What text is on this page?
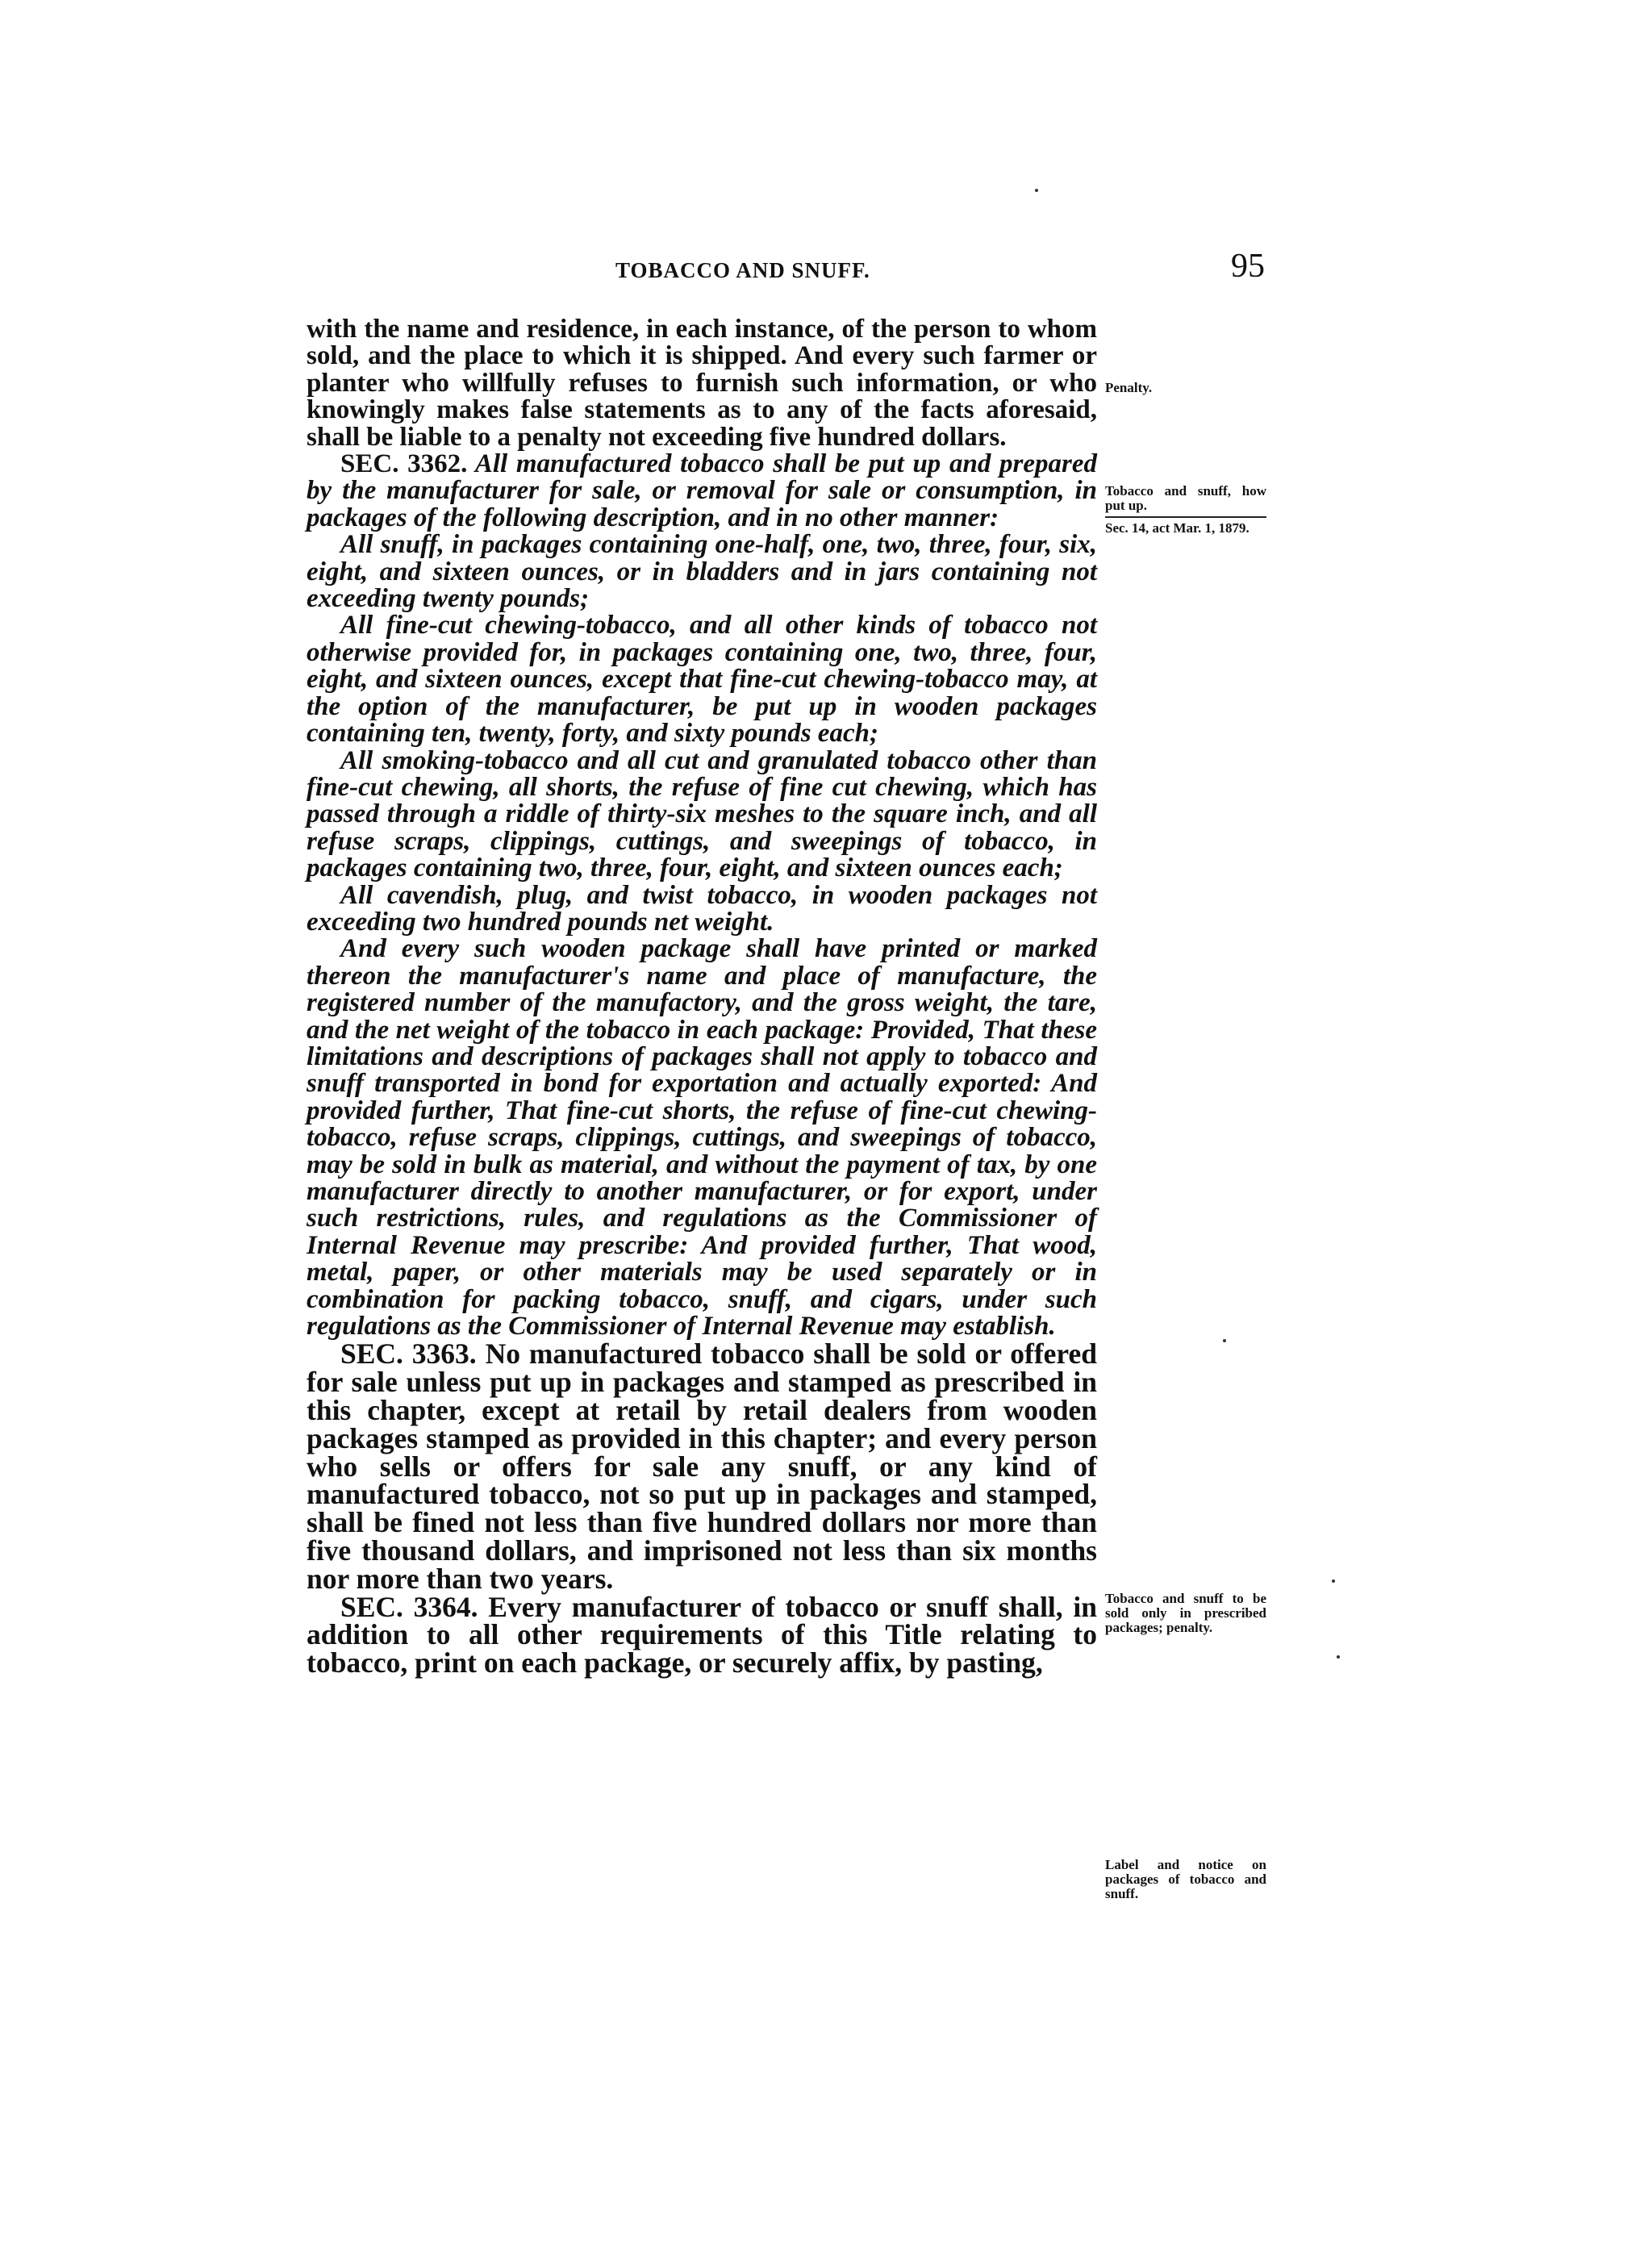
TOBACCO AND SNUFF.	95

with the name and residence, in each instance, of the person to whom sold, and the place to which it is shipped. And every such farmer or planter who willfully refuses to furnish such information, or who knowingly makes false statements as to any of the facts aforesaid, shall be liable to a penalty not exceeding five hundred dollars.

SEC. 3362. All manufactured tobacco shall be put up and prepared by the manufacturer for sale, or removal for sale or consumption, in packages of the following description, and in no other manner:

All snuff, in packages containing one-half, one, two, three, four, six, eight, and sixteen ounces, or in bladders and in jars containing not exceeding twenty pounds;

All fine-cut chewing-tobacco, and all other kinds of tobacco not otherwise provided for, in packages containing one, two, three, four, eight, and sixteen ounces, except that fine-cut chewing-tobacco may, at the option of the manufacturer, be put up in wooden packages containing ten, twenty, forty, and sixty pounds each;

All smoking-tobacco and all cut and granulated tobacco other than fine-cut chewing, all shorts, the refuse of fine cut chewing, which has passed through a riddle of thirty-six meshes to the square inch, and all refuse scraps, clippings, cuttings, and sweepings of tobacco, in packages containing two, three, four, eight, and sixteen ounces each;

All cavendish, plug, and twist tobacco, in wooden packages not exceeding two hundred pounds net weight.

And every such wooden package shall have printed or marked thereon the manufacturer's name and place of manufacture, the registered number of the manufactory, and the gross weight, the tare, and the net weight of the tobacco in each package: Provided, That these limitations and descriptions of packages shall not apply to tobacco and snuff transported in bond for exportation and actually exported: And provided further, That fine-cut shorts, the refuse of fine-cut chewing-tobacco, refuse scraps, clippings, cuttings, and sweepings of tobacco, may be sold in bulk as material, and without the payment of tax, by one manufacturer directly to another manufacturer, or for export, under such restrictions, rules, and regulations as the Commissioner of Internal Revenue may prescribe: And provided further, That wood, metal, paper, or other materials may be used separately or in combination for packing tobacco, snuff, and cigars, under such regulations as the Commissioner of Internal Revenue may establish.

SEC. 3363. No manufactured tobacco shall be sold or offered for sale unless put up in packages and stamped as prescribed in this chapter, except at retail by retail dealers from wooden packages stamped as provided in this chapter; and every person who sells or offers for sale any snuff, or any kind of manufactured tobacco, not so put up in packages and stamped, shall be fined not less than five hundred dollars nor more than five thousand dollars, and imprisoned not less than six months nor more than two years.

SEC. 3364. Every manufacturer of tobacco or snuff shall, in addition to all other requirements of this Title relating to tobacco, print on each package, or securely affix, by pasting,

Penalty.
Tobacco and snuff, how put up.
Sec. 14, act Mar. 1, 1879.
Tobacco and snuff to be sold only in prescribed packages; penalty.
Label and notice on packages of tobacco and snuff.
